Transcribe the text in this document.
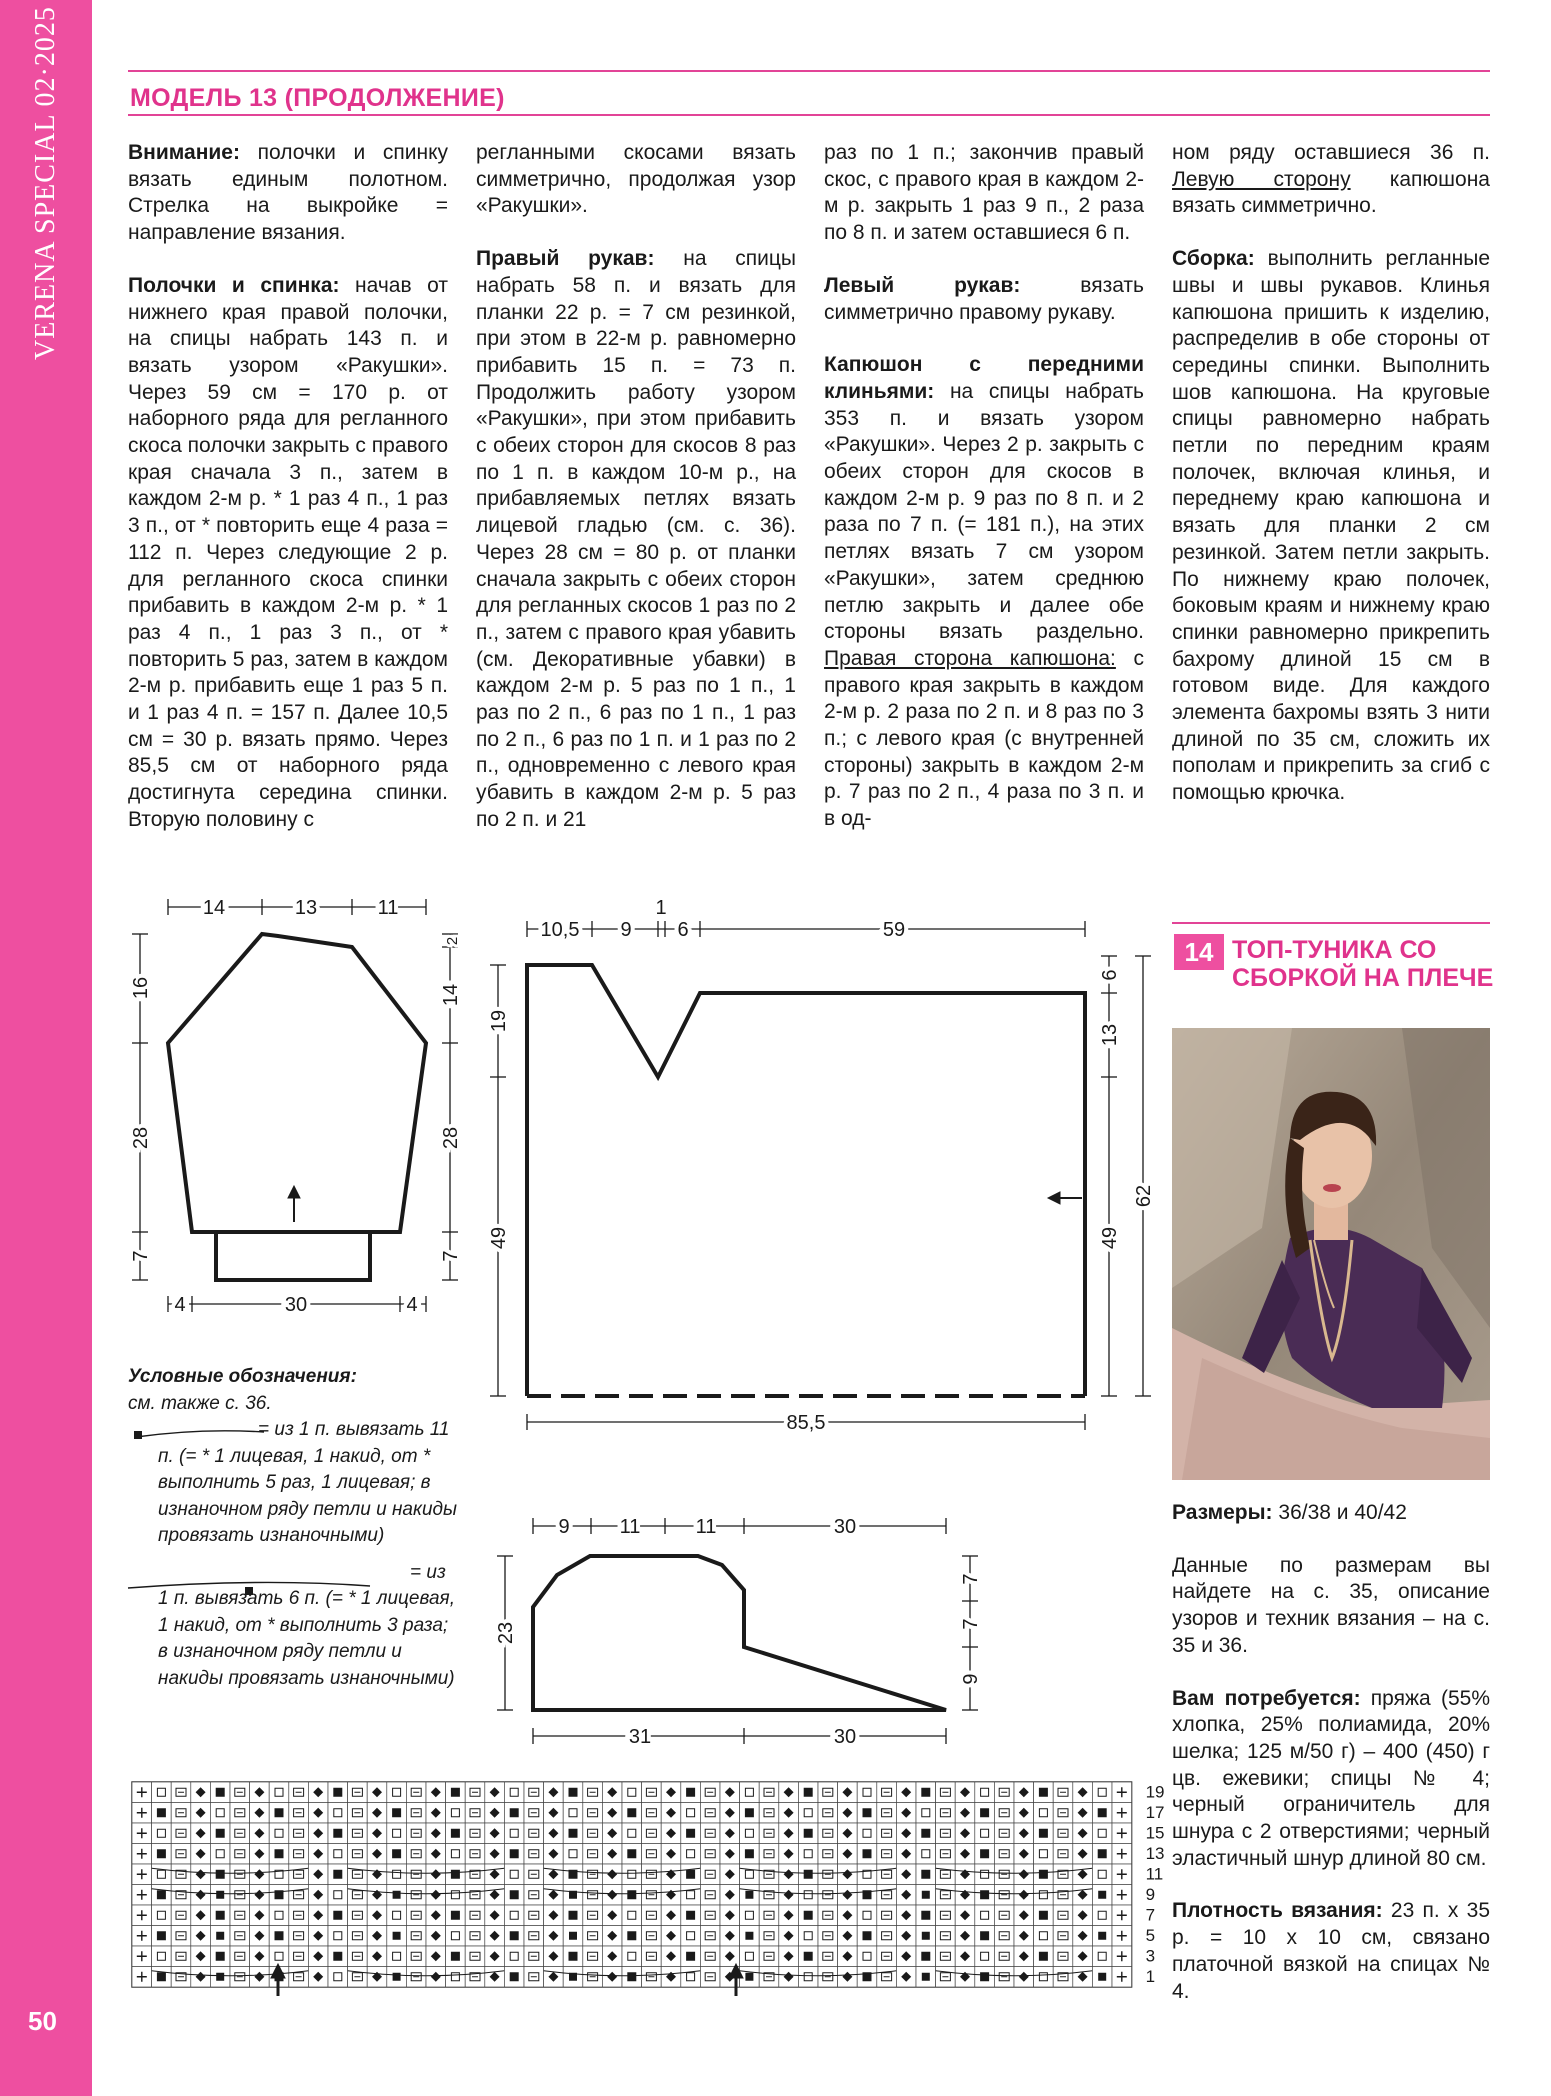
VERENA SPECIAL 02·2025
50
МОДЕЛЬ 13 (ПРОДОЛЖЕНИЕ)

Внимание: полочки и спинку вязать единым полотном. Стрелка на выкройке = направление вязания.

Полочки и спинка: начав от нижнего края правой полочки, на спицы набрать 143 п. и вязать узором «Ракушки». Через 59 см = 170 р. от наборного ряда для регланного скоса полочки закрыть с правого края сначала 3 п., затем в каждом 2-м р. * 1 раз 4 п., 1 раз 3 п., от * повторить еще 4 раза = 112 п. Через следующие 2 р. для регланного скоса спинки прибавить в каждом 2-м р. * 1 раз 4 п., 1 раз 3 п., от * повторить 5 раз, затем в каждом 2-м р. прибавить еще 1 раз 5 п. и 1 раз 4 п. = 157 п. Далее 10,5 см = 30 р. вязать прямо. Через 85,5 см от наборного ряда достигнута середина спинки. Вторую половину с

регланными скосами вязать симметрично, продолжая узор «Ракушки».

Правый рукав: на спицы набрать 58 п. и вязать для планки 22 р. = 7 см резинкой, при этом в 22-м р. равномерно прибавить 15 п. = 73 п. Продолжить работу узором «Ракушки», при этом прибавить с обеих сторон для скосов 8 раз по 1 п. в каждом 10-м р., на прибавляемых петлях вязать лицевой гладью (см. с. 36). Через 28 см = 80 р. от планки сначала закрыть с обеих сторон для регланных скосов 1 раз по 2 п., затем с правого края убавить (см. Декоративные убавки) в каждом 2-м р. 5 раз по 1 п., 1 раз по 2 п., 6 раз по 1 п., 1 раз по 2 п., 6 раз по 1 п. и 1 раз по 2 п., одновременно с левого края убавить в каждом 2-м р. 5 раз по 2 п. и 21

раз по 1 п.; закончив правый скос, с правого края в каждом 2-м р. закрыть 1 раз 9 п., 2 раза по 8 п. и затем оставшиеся 6 п.

Левый рукав: вязать симметрично правому рукаву.

Капюшон с передними клиньями: на спицы набрать 353 п. и вязать узором «Ракушки». Через 2 р. закрыть с обеих сторон для скосов в каждом 2-м р. 9 раз по 8 п. и 2 раза по 7 п. (= 181 п.), на этих петлях вязать 7 см узором «Ракушки», затем среднюю петлю закрыть и далее обе стороны вязать раздельно. Правая сторона капюшона: с правого края закрыть в каждом 2-м р. 2 раза по 2 п. и 8 раз по 3 п.; с левого края (с внутренней стороны) закрыть в каждом 2-м р. 7 раз по 2 п., 4 раза по 3 п. и в од-

ном ряду оставшиеся 36 п. Левую сторону капюшона вязать симметрично.

Сборка: выполнить регланные швы и швы рукавов. Клинья капюшона пришить к изделию, распределив в обе стороны от середины спинки. Выполнить шов капюшона. На круговые спицы равномерно набрать петли по передним краям полочек, включая клинья, и переднему краю капюшона и вязать для планки 2 см резинкой. Затем петли закрыть. По нижнему краю полочек, боковым краям и нижнему краю спинки равномерно прикрепить бахрому длиной 15 см в готовом виде. Для каждого элемента бахромы взять 3 нити длиной по 35 см, сложить их пополам и прикрепить за сгиб с помощью крючка.

14	13	11
16
28
7
2
14
28
7
4	30	4
10,5 9
1
6	59
19
49
6
13
49
62
85,5
9	11	11	30
23
7
7
9
31	30
Условные обозначения:
см. также с. 36.
= из 1 п. вывязать 11 п. (= * 1 лицевая, 1 накид, от * выполнить 5 раз, 1 лицевая; в изнаночном ряду петли и накиды провязать изнаночными)
= из 1 п. вывязать 6 п. (= * 1 лицевая, 1 накид, от * выполнить 3 раза; в изнаночном ряду петли и накиды провязать изнаночными)
19
17
15
13
11
9
7
5
3
1
14 ТОП-ТУНИКА СО
СБОРКОЙ НА ПЛЕЧЕ

Размеры: 36/38 и 40/42

Данные по размерам вы найдете на с. 35, описание узоров и техник вязания – на с. 35 и 36.

Вам потребуется: пряжа (55% хлопка, 25% полиамида, 20% шелка; 125 м/50 г) – 400 (450) г цв. ежевики; спицы № 4; черный ограничитель для шнура с 2 отверстиями; черный эластичный шнур длиной 80 см.

Плотность вязания: 23 п. x 35 р. = 10 x 10 см, связано платочной вязкой на спицах № 4.
